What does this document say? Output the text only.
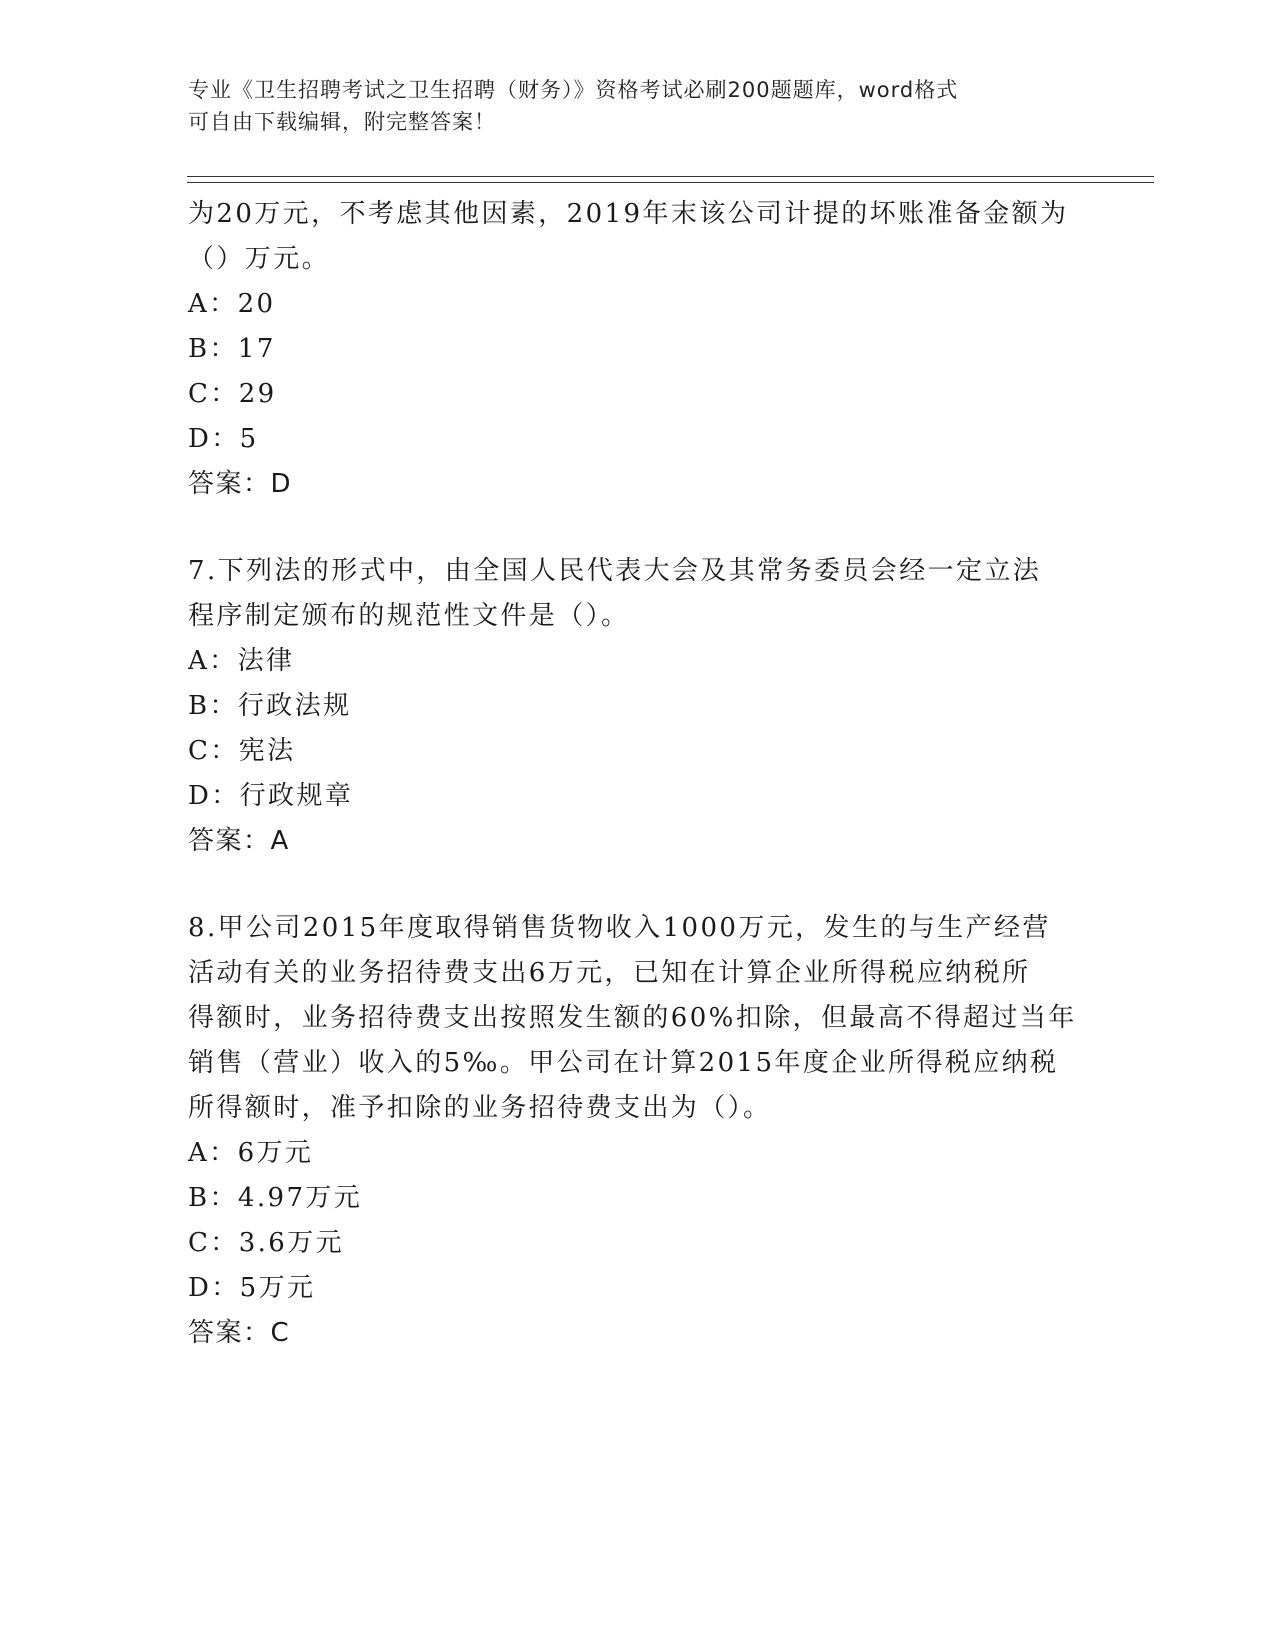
专业《卫生招聘考试之卫生招聘（财务）》资格考试必刷200题题库，word格式
可自由下载编辑，附完整答案！
为20万元，不考虑其他因素，2019年末该公司计提的坏账准备金额为
（）万元。
A：20
B：17
C：29
D：5
答案：D
7.下列法的形式中，由全国人民代表大会及其常务委员会经一定立法
程序制定颁布的规范性文件是（）。
A：法律
B：行政法规
C：宪法
D：行政规章
答案：A
8.甲公司2015年度取得销售货物收入1000万元，发生的与生产经营
活动有关的业务招待费支出6万元，已知在计算企业所得税应纳税所
得额时，业务招待费支出按照发生额的60%扣除，但最高不得超过当年
销售（营业）收入的5‰。甲公司在计算2015年度企业所得税应纳税
所得额时，准予扣除的业务招待费支出为（）。
A：6万元
B：4.97万元
C：3.6万元
D：5万元
答案：C
